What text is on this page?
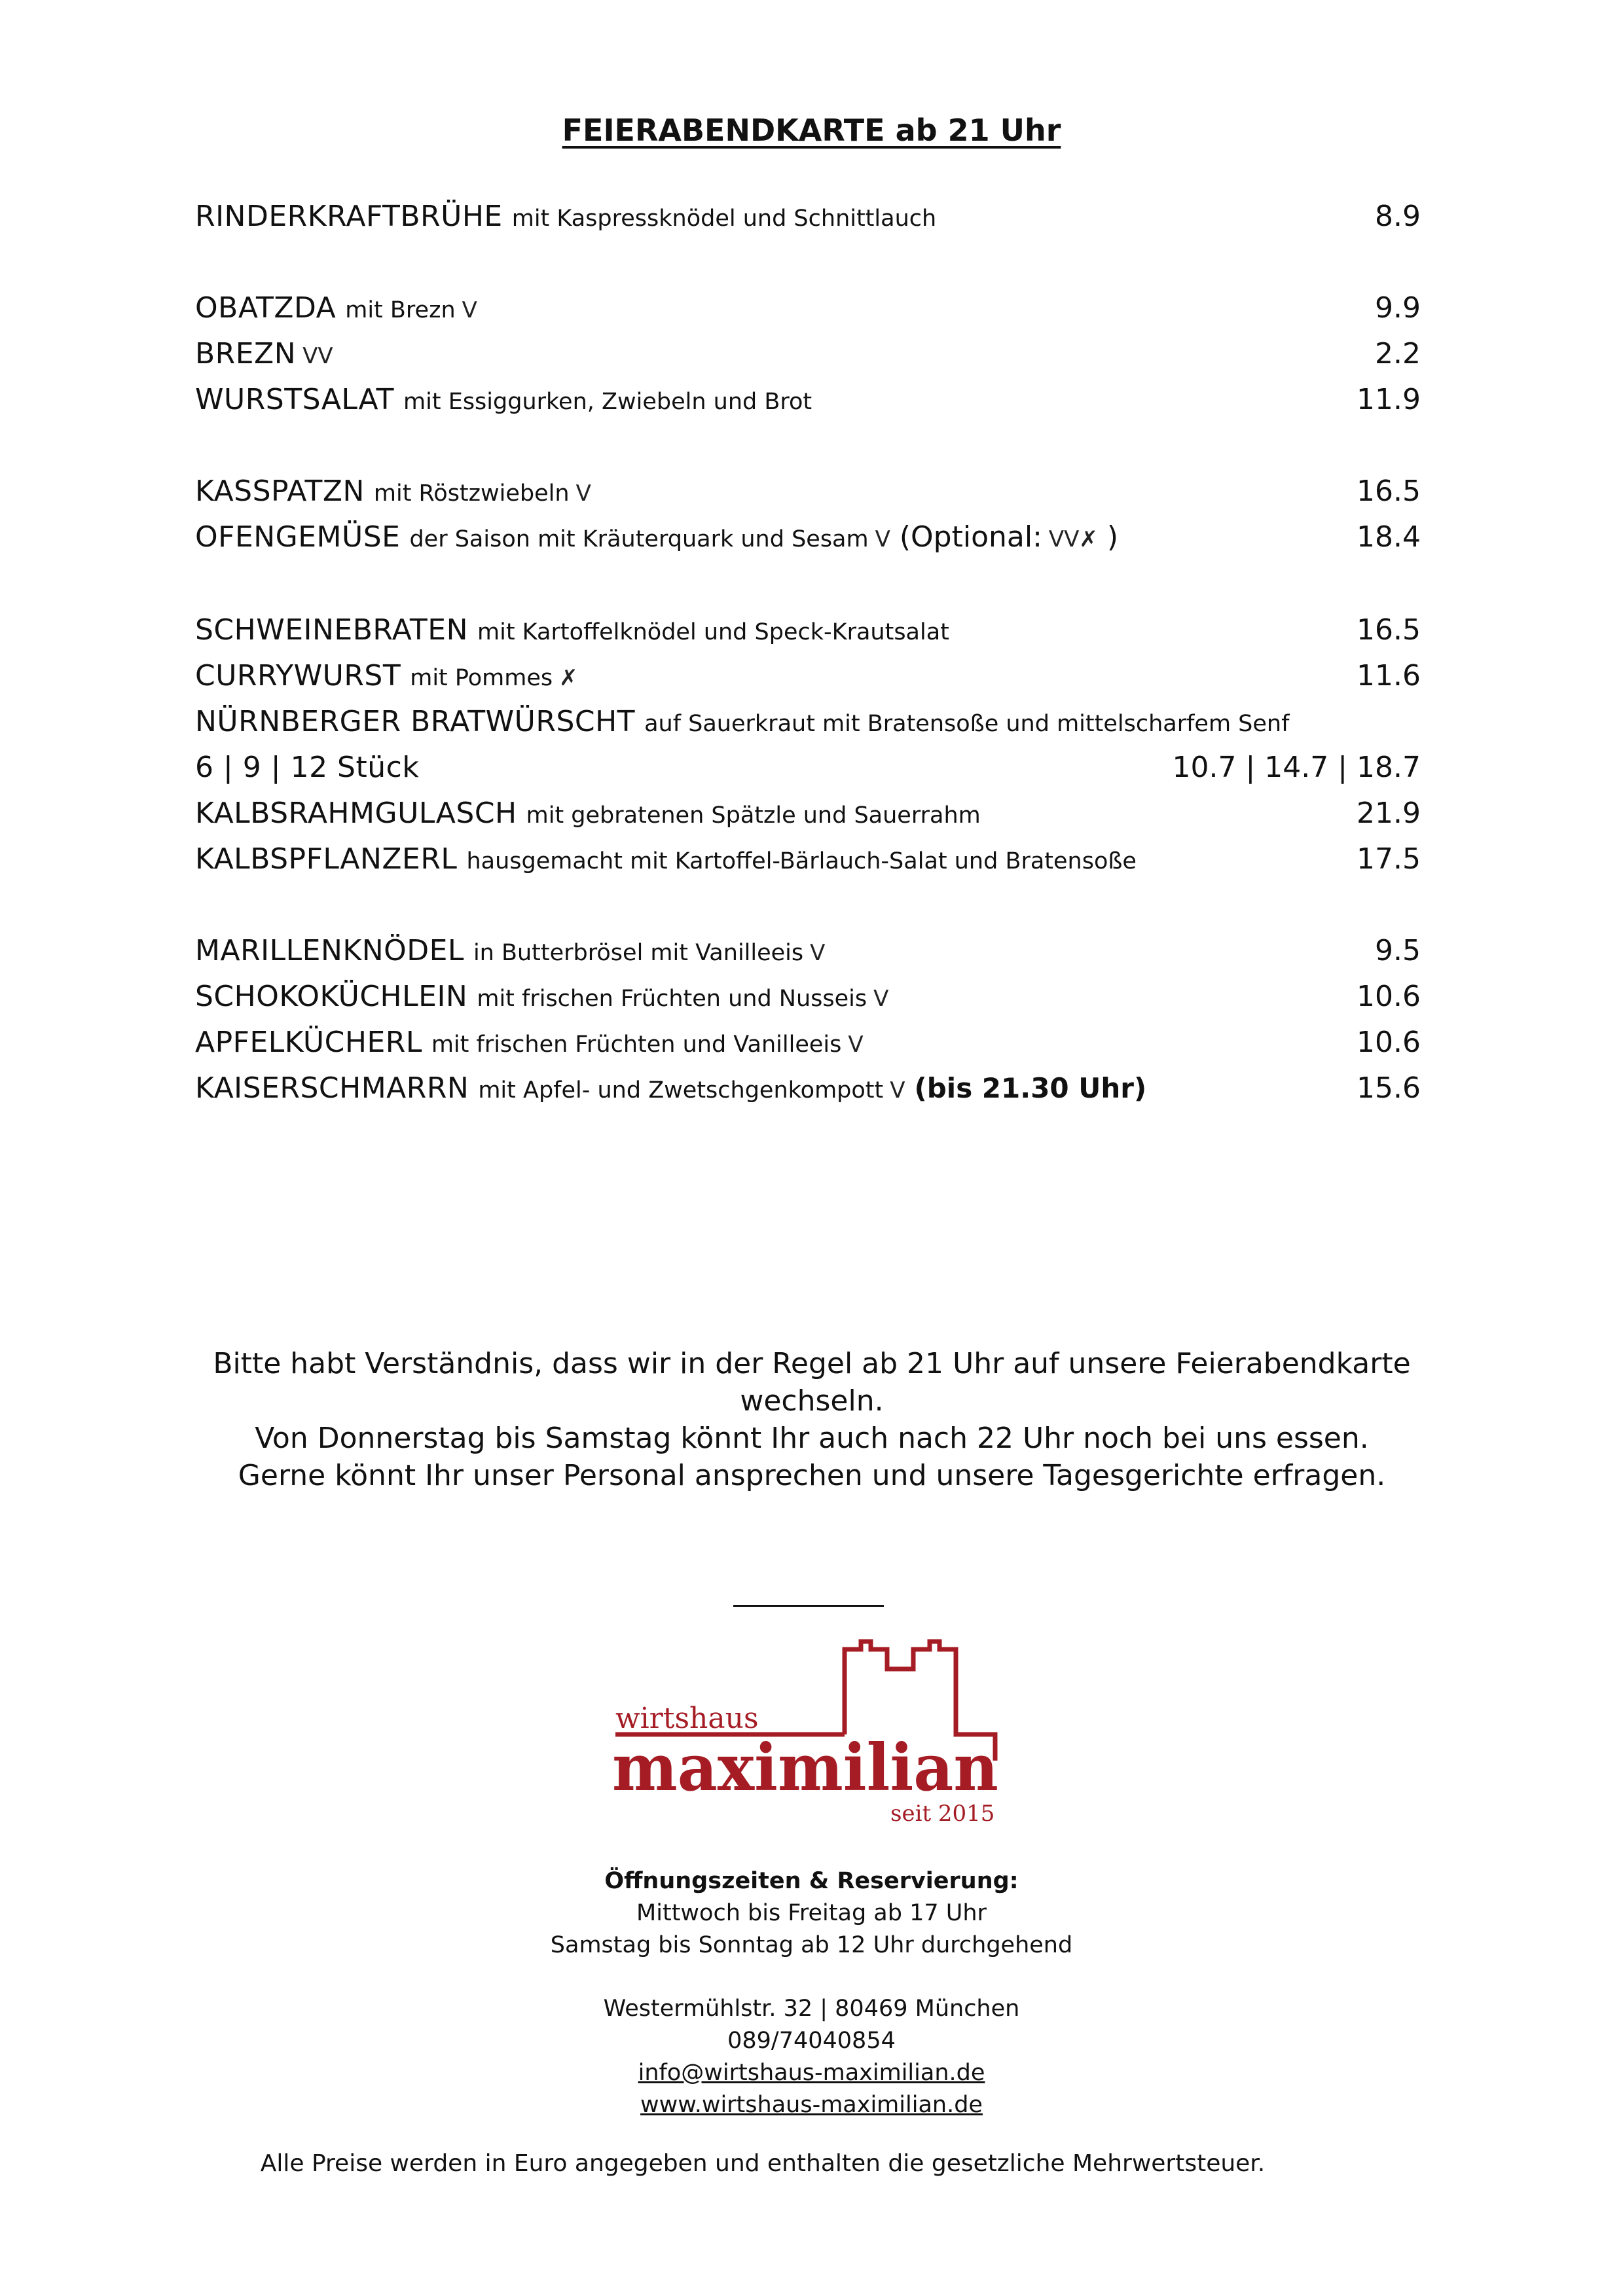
FEIERABENDKARTE ab 21 Uhr
RINDERKRAFTBRÜHE mit Kaspressknödel und Schnittlauch	8.9
OBATZDA mit Brezn V	9.9
BREZN VV	2.2
WURSTSALAT mit Essiggurken, Zwiebeln und Brot	11.9
KASSPATZN mit Röstzwiebeln V	16.5
OFENGEMÜSE der Saison mit Kräuterquark und Sesam V (Optional: VV✗ )	18.4
SCHWEINEBRATEN mit Kartoffelknödel und Speck-Krautsalat	16.5
CURRYWURST mit Pommes ✗	11.6
NÜRNBERGER BRATWÜRSCHT auf Sauerkraut mit Bratensoße und mittelscharfem Senf
6 | 9 | 12 Stück	10.7 | 14.7 | 18.7
KALBSRAHMGULASCH mit gebratenen Spätzle und Sauerrahm	21.9
KALBSPFLANZERL hausgemacht mit Kartoffel-Bärlauch-Salat und Bratensoße	17.5
MARILLENKNÖDEL in Butterbrösel mit Vanilleeis V	9.5
SCHOKOKÜCHLEIN mit frischen Früchten und Nusseis V	10.6
APFELKÜCHERL mit frischen Früchten und Vanilleeis V	10.6
KAISERSCHMARRN mit Apfel- und Zwetschgenkompott V (bis 21.30 Uhr)	15.6
Bitte habt Verständnis, dass wir in der Regel ab 21 Uhr auf unsere Feierabendkarte
wechseln.
Von Donnerstag bis Samstag könnt Ihr auch nach 22 Uhr noch bei uns essen.
Gerne könnt Ihr unser Personal ansprechen und unsere Tagesgerichte erfragen.
wirtshaus
maximilian
seit 2015
Öffnungszeiten & Reservierung:
Mittwoch bis Freitag ab 17 Uhr
Samstag bis Sonntag ab 12 Uhr durchgehend
Westermühlstr. 32 | 80469 München
089/74040854
info@wirtshaus-maximilian.de
www.wirtshaus-maximilian.de
Alle Preise werden in Euro angegeben und enthalten die gesetzliche Mehrwertsteuer.
